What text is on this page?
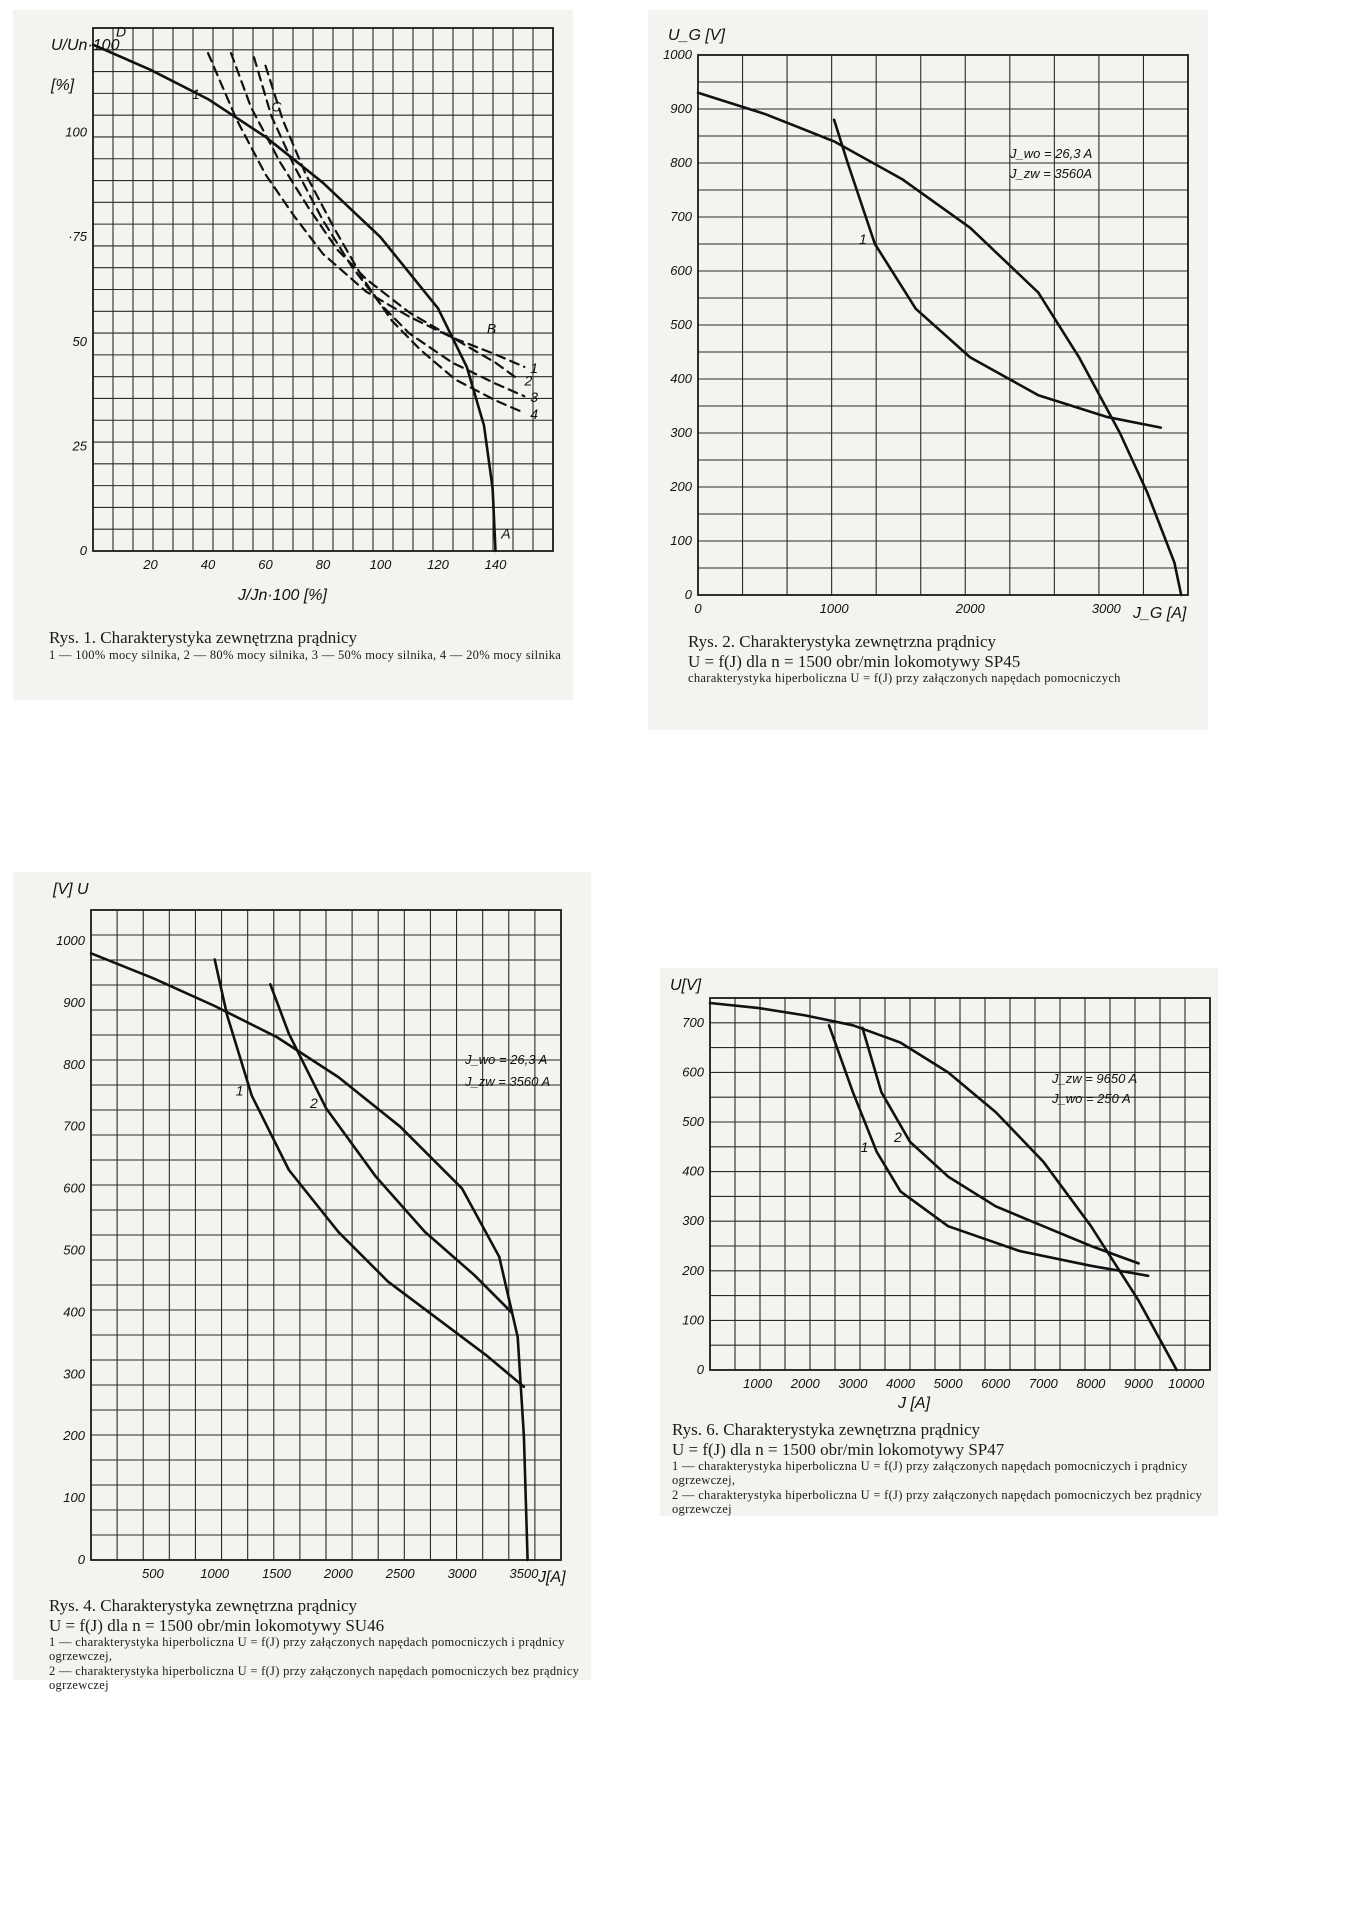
20	40	60	80	100	120	140
0
25
50
·75
100
1
1
2
3
4
D
C
B
A
U/Un·100
[%]
J/Jn·100 [%]
Rys. 1. Charakterystyka zewnętrzna prądnicy
1 — 100% mocy silnika, 2 — 80% mocy silnika, 3 — 50% mocy silnika, 4 — 20% mocy silnika
0	1000	2000	3000
0
100
200
300
400
500
600
700
800
900
1000
1
U_G [V]
J_G [A]
J_wo = 26,3 A
J_zw = 3560A
Rys. 2. Charakterystyka zewnętrzna prądnicy
U = f(J) dla n = 1500 obr/min lokomotywy SP45
charakterystyka hiperboliczna U = f(J) przy załączonych napędach pomocniczych
500	1000	1500	2000	2500	3000	3500
0
100
200
300
400
500
600
700
800
900
1000
1
2
[V] U
J[A]
J_wo = 26,3 A
J_zw = 3560 A
Rys. 4. Charakterystyka zewnętrzna prądnicy
U = f(J) dla n = 1500 obr/min lokomotywy SU46
1 — charakterystyka hiperboliczna U = f(J) przy załączonych napędach pomocniczych i prądnicy ogrzewczej,
2 — charakterystyka hiperboliczna U = f(J) przy załączonych napędach pomocniczych bez prądnicy ogrzewczej
1000 2000 3000 4000 5000 6000 7000 8000 9000 10000
0
100
200
300
400
500
600
700
1
2
U[V]
J [A]
J_zw = 9650 A
J_wo = 250 A
Rys. 6. Charakterystyka zewnętrzna prądnicy
U = f(J) dla n = 1500 obr/min lokomotywy SP47
1 — charakterystyka hiperboliczna U = f(J) przy załączonych napędach pomocniczych i prądnicy ogrzewczej,
2 — charakterystyka hiperboliczna U = f(J) przy załączonych napędach pomocniczych bez prądnicy ogrzewczej
